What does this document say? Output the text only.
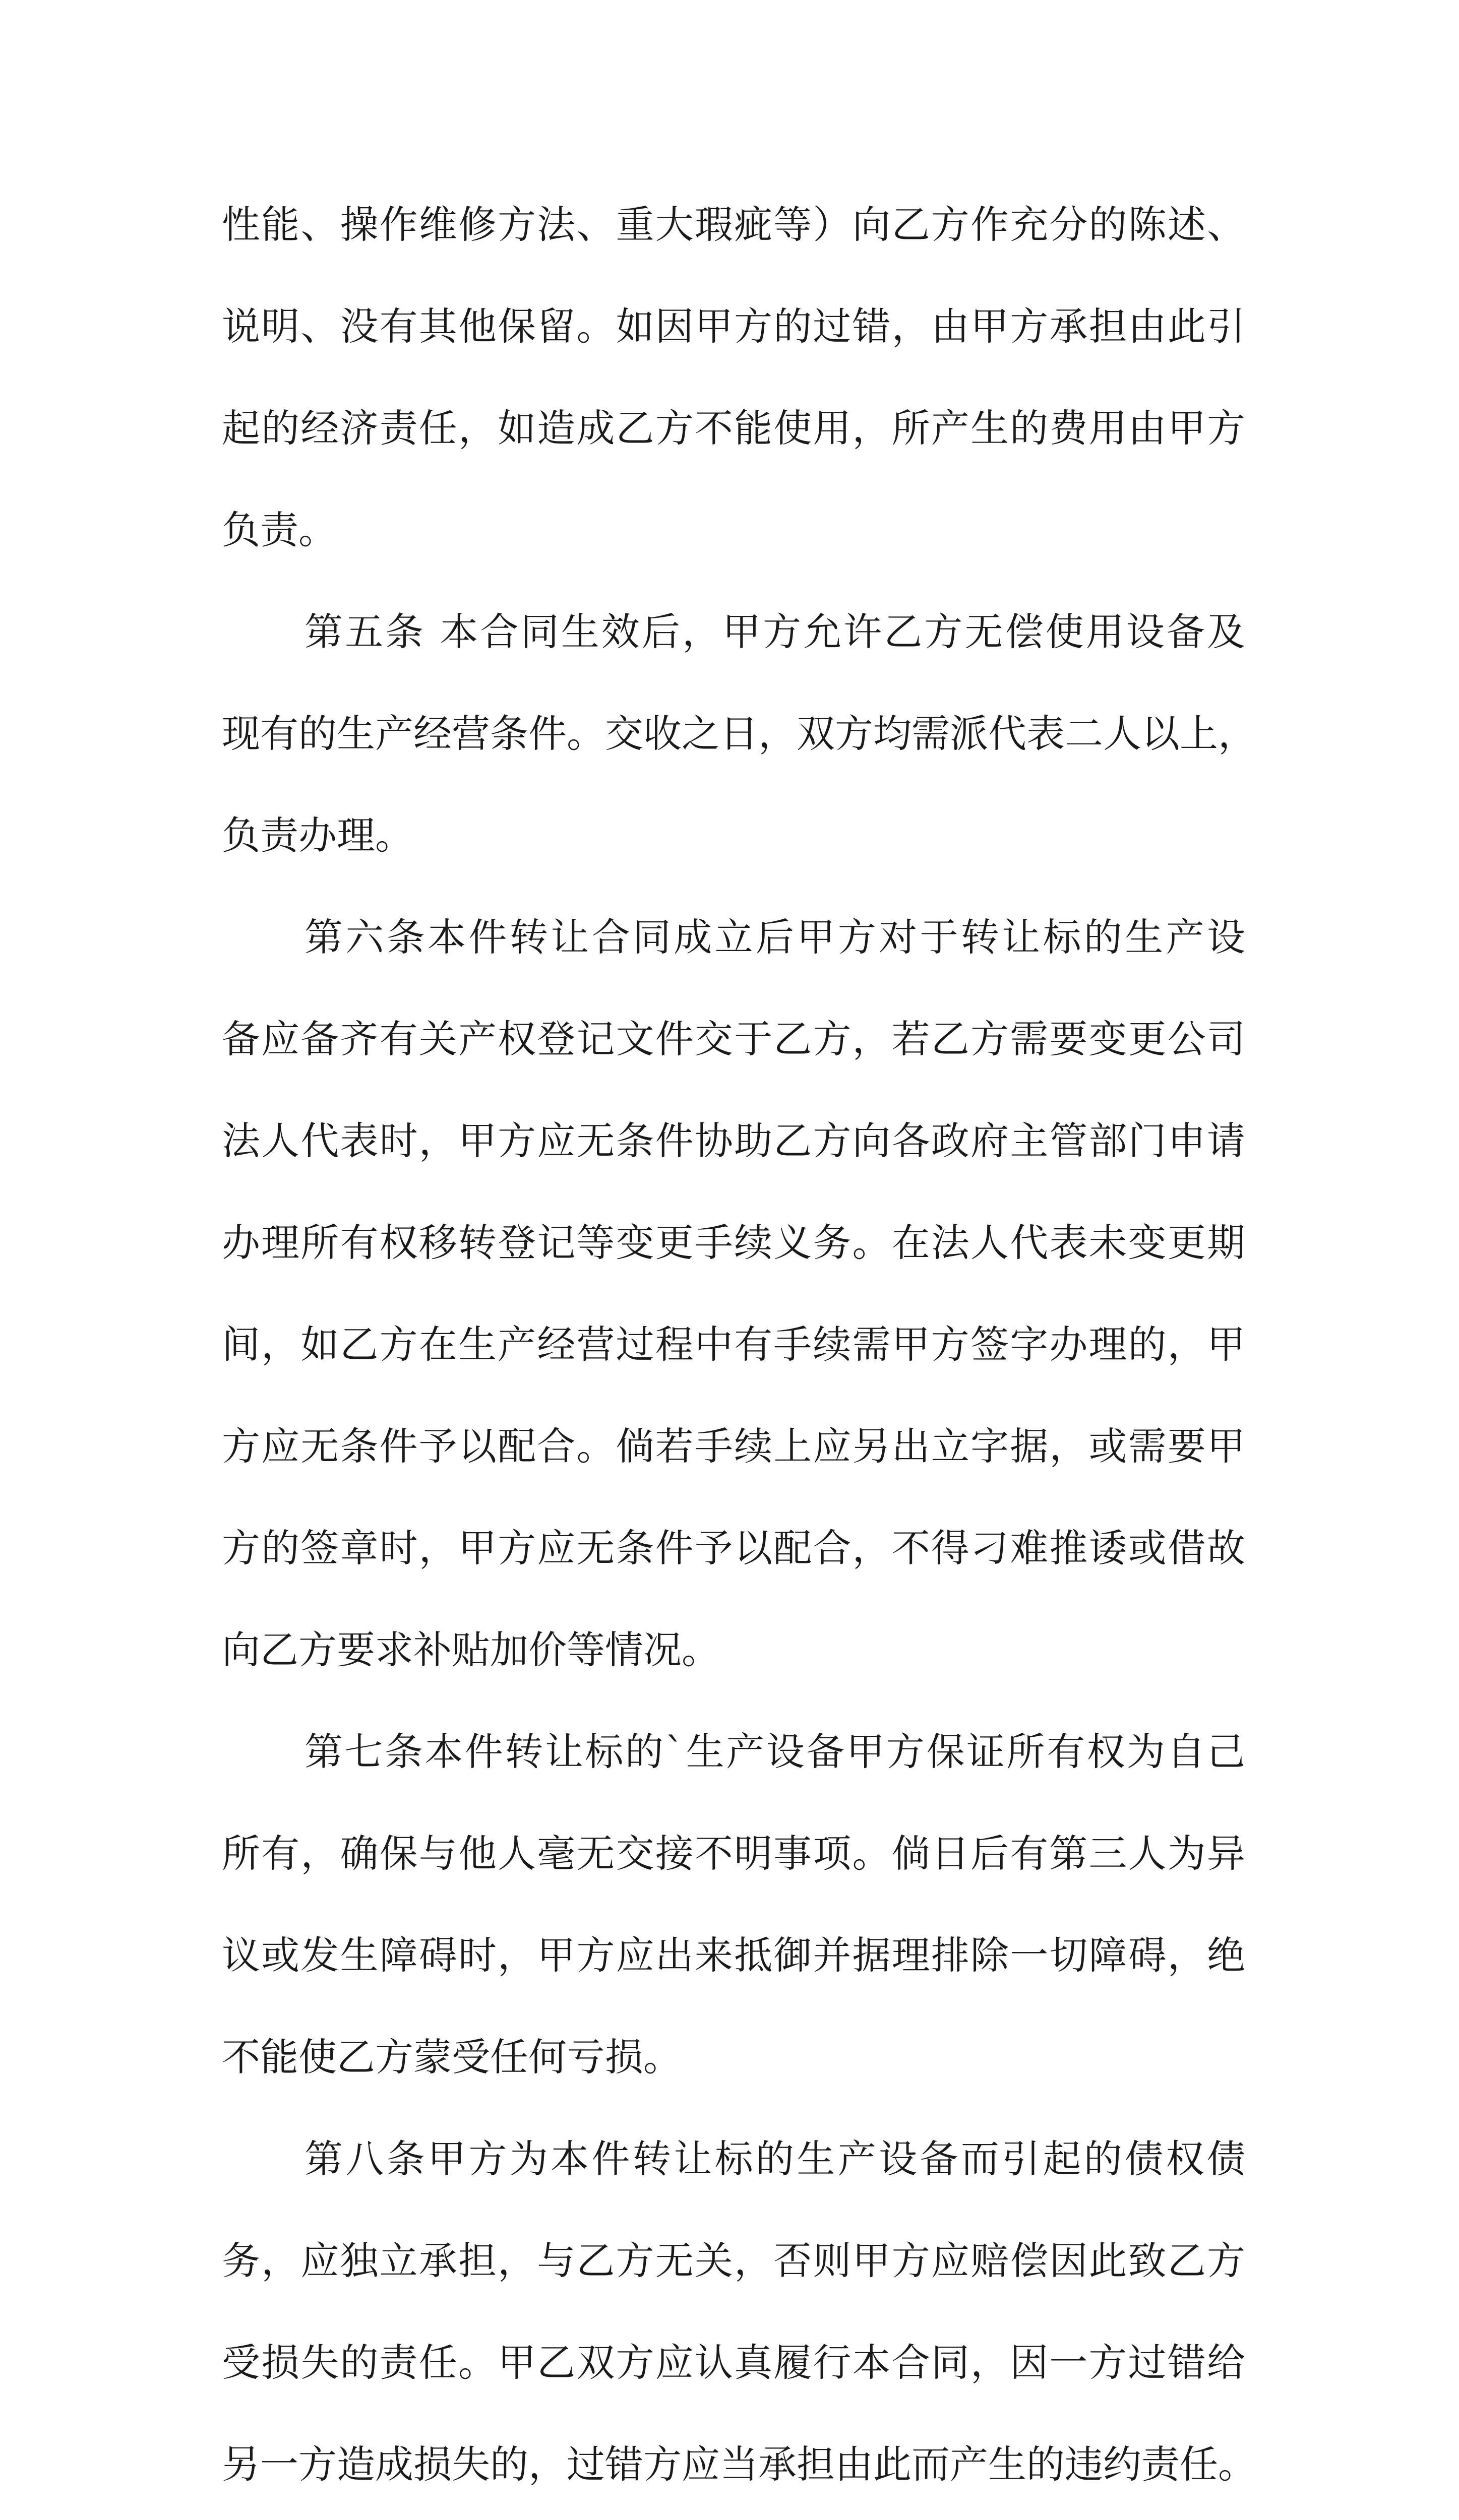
性能、操作维修方法、重大瑕疵等）向乙方作充分的陈述、
说明、没有其他保留。如因甲方的过错，由甲方承担由此引
起的经济责任，如造成乙方不能使用，所产生的费用由甲方
负责。
第五条 本合同生效后，甲方允许乙方无偿使用设备及
现有的生产经营条件。交收之日，双方均需派代表二人以上，
负责办理。
第六条本件转让合同成立后甲方对于转让标的生产设
备应备齐有关产权登记文件交于乙方，若乙方需要变更公司
法人代表时，甲方应无条件协助乙方向各政府主管部门申请
办理所有权移转登记等变更手续义务。在法人代表未变更期
间，如乙方在生产经营过程中有手续需甲方签字办理的，甲
方应无条件予以配合。倘若手续上应另出立字据，或需要甲
方的签章时，甲方应无条件予以配合，不得刁难推诿或借故
向乙方要求补贴加价等情况。
第七条本件转让标的`生产设备甲方保证所有权为自己
所有，确保与他人毫无交接不明事项。倘日后有第三人为异
议或发生障碍时，甲方应出来抵御并据理排除一切障碍，绝
不能使乙方蒙受任何亏损。
第八条甲方为本件转让标的生产设备而引起的债权债
务，应独立承担，与乙方无关，否则甲方应赔偿因此致乙方
受损失的责任。甲乙双方应认真履行本合同，因一方过错给
另一方造成损失的，过错方应当承担由此而产生的违约责任。
